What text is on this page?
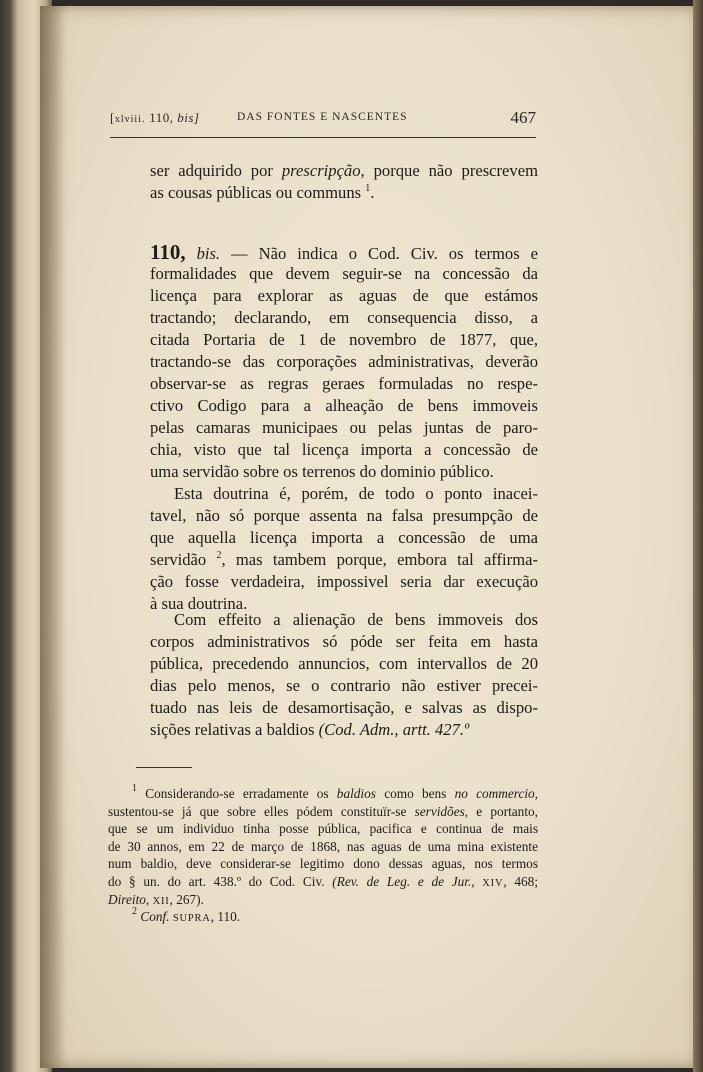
[xlviii. 110, bis]	DAS FONTES E NASCENTES	467
ser adquirido por prescripção, porque não prescrevem
as cousas públicas ou communs $^1$.
110, bis. — Não indica o Cod. Civ. os termos e
formalidades que devem seguir-se na concessão da
licença para explorar as aguas de que estámos
tractando; declarando, em consequencia disso, a
citada Portaria de 1 de novembro de 1877, que,
tractando-se das corporações administrativas, deverão
observar-se as regras geraes formuladas no respe-
ctivo Codigo para a alheação de bens immoveis
pelas camaras municipaes ou pelas juntas de paro-
chia, visto que tal licença importa a concessão de
uma servidão sobre os terrenos do dominio público.
Esta doutrina é, porém, de todo o ponto inacei-
tavel, não só porque assenta na falsa presumpção de
que aquella licença importa a concessão de uma
servidão $^2$, mas tambem porque, embora tal affirma-
ção fosse verdadeira, impossivel seria dar execução
à sua doutrina.
Com effeito a alienação de bens immoveis dos
corpos administrativos só póde ser feita em hasta
pública, precedendo annuncios, com intervallos de 20
dias pelo menos, se o contrario não estiver precei-
tuado nas leis de desamortisação, e salvas as dispo-
sições relativas a baldios (Cod. Adm., artt. 427.º
$^1$ Considerando-se erradamente os baldios como bens no commercio,
sustentou-se já que sobre elles pódem constituïr-se servidões, e portanto,
que se um individuo tinha posse pública, pacifica e continua de mais
de 30 annos, em 22 de março de 1868, nas aguas de uma mina existente
num baldio, deve considerar-se legitimo dono dessas aguas, nos termos
do § un. do art. 438.º do Cod. Civ. (Rev. de Leg. e de Jur., XIV, 468;
Direito, XII, 267).
$^2$ Conf. SUPRA, 110.
